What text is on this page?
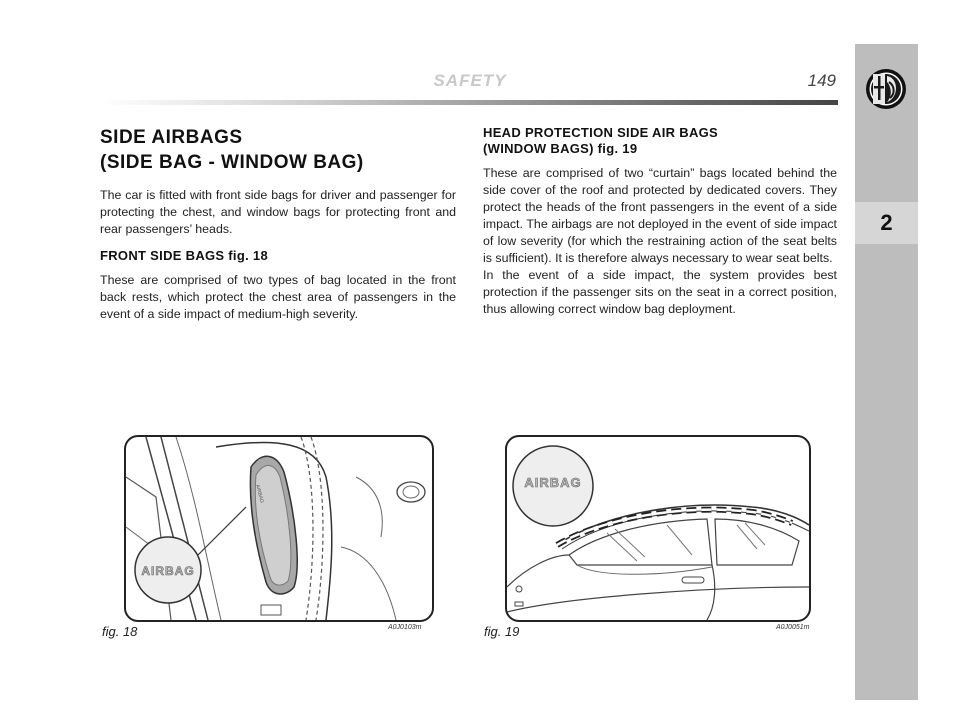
2
SAFETY	149
SIDE AIRBAGS
(SIDE BAG - WINDOW BAG)

The car is fitted with front side bags for driver and passenger for protecting the chest, and window bags for protecting front and rear passengers’ heads.

FRONT SIDE BAGS fig. 18

These are comprised of two types of bag located in the front back rests, which protect the chest area of passengers in the event of a side impact of medium-high severity.

HEAD PROTECTION SIDE AIR BAGS
(WINDOW BAGS) fig. 19

These are comprised of two “curtain” bags located behind the side cover of the roof and protected by dedicated covers. They protect the heads of the front passengers in the event of a side impact. The airbags are not deployed in the event of side impact of low severity (for which the restraining action of the seat belts is sufficient). It is therefore always necessary to wear seat belts.

In the event of a side impact, the system provides best protection if the passenger sits on the seat in a correct position, thus allowing correct window bag deployment.

AIRBAG
AIRBAG
fig. 18	A0J0103m
AIRBAG
fig. 19	A0J0051m
